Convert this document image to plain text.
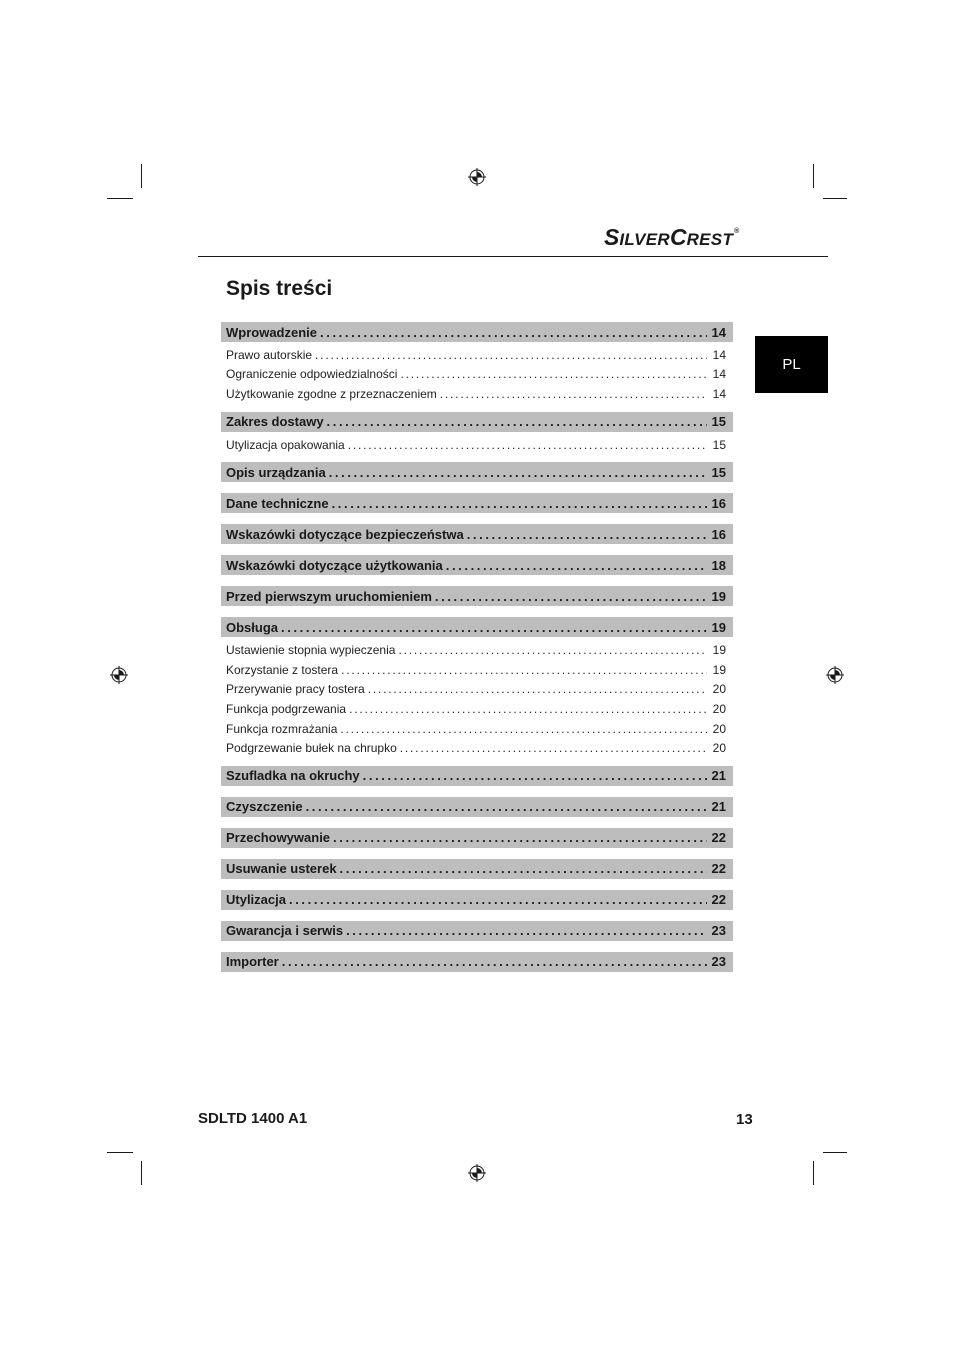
SILVERCREST®
Spis treści
PL
Wprowadzenie .....	14
Prawo autorskie .....	14
Ograniczenie odpowiedzialności .....	14
Użytkowanie zgodne z przeznaczeniem .....	14
Zakres dostawy .....	15
Utylizacja opakowania .....	15
Opis urządzania .....	15
Dane techniczne .....	16
Wskazówki dotyczące bezpieczeństwa .....	16
Wskazówki dotyczące użytkowania .....	18
Przed pierwszym uruchomieniem .....	19
Obsługa .....	19
Ustawienie stopnia wypieczenia .....	19
Korzystanie z tostera .....	19
Przerywanie pracy tostera .....	20
Funkcja podgrzewania .....	20
Funkcja rozmrażania .....	20
Podgrzewanie bułek na chrupko .....	20
Szufladka na okruchy .....	21
Czyszczenie .....	21
Przechowywanie .....	22
Usuwanie usterek .....	22
Utylizacja .....	22
Gwarancja i serwis .....	23
Importer .....	23
SDLTD 1400 A1	13
